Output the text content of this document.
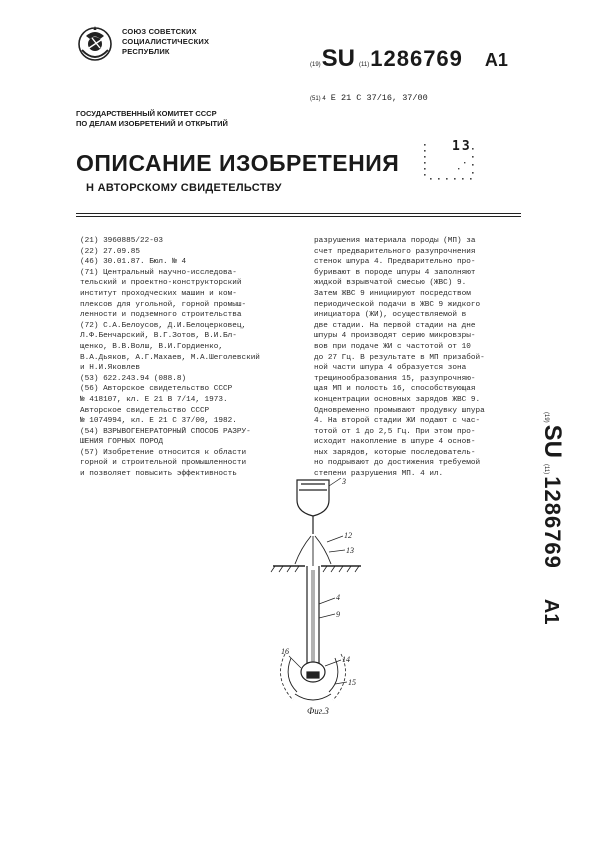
СОЮЗ СОВЕТСКИХ
СОЦИАЛИСТИЧЕСКИХ
РЕСПУБЛИК
(19) SU (11) 1286769 A1
(51) 4 E 21 C 37/16, 37/00
ГОСУДАРСТВЕННЫЙ КОМИТЕТ СССР
ПО ДЕЛАМ ИЗОБРЕТЕНИЙ И ОТКРЫТИЙ
13
ОПИСАНИЕ ИЗОБРЕТЕНИЯ
Н АВТОРСКОМУ СВИДЕТЕЛЬСТВУ
(21) 3960885/22-03
(22) 27.09.85
(46) 30.01.87. Бюл. № 4
(71) Центральный научно-исследова-
тельский и проектно-конструкторский
институт проходческих машин и ком-
плексов для угольной, горной промыш-
ленности и подземного строительства
(72) С.А.Белоусов, Д.И.Белоцерковец,
Л.Ф.Бенчарский, В.Г.Зотов, В.И.Бл-
щенко, В.В.Волш, В.И.Гордиенко,
В.А.Дьяков, А.Г.Махаев, М.А.Шеголевский
и Н.И.Яковлев
(53) 622.243.94 (088.8)
(56) Авторское свидетельство СССР
№ 418107, кл. Е 21 В 7/14, 1973.
Авторское свидетельство СССР
№ 1074994, кл. Е 21 С 37/00, 1982.
(54) ВЗРЫВОГЕНЕРАТОРНЫЙ СПОСОБ РАЗРУ-
ШЕНИЯ ГОРНЫХ ПОРОД
(57) Изобретение относится к области
горной и строительной промышленности
и позволяет повысить эффективность
разрушения материала породы (МП) за
счет предварительного разупрочнения
стенок шпура 4. Предварительно про-
буривают в породе шпуры 4 заполняют
жидкой взрывчатой смесью (ЖВС) 9.
Затем ЖВС 9 инициируют посредством
периодической подачи в ЖВС 9 жидкого
инициатора (ЖИ), осуществляемой в
две стадии. На первой стадии на дне
шпуры 4 производят серию микровзры-
вов при подаче ЖИ с частотой от 10
до 27 Гц. В результате в МП призабой-
ной части шпура 4 образуется зона
трещинообразования 15, разупрочняю-
щая МП и полость 16, способствующая
концентрации основных зарядов ЖВС 9.
Одновременно промывают продувку шпура
4. На второй стадии ЖИ подают с час-
тотой от 1 до 2,5 Гц. При этом про-
исходит накопление в шпуре 4 основ-
ных зарядов, которые последователь-
но подрывают до достижения требуемой
степени разрушения МП. 4 ил.
(19)
SU
(11)
1286769
A1
3
12
13
4
9
16
14
15
Фиг.3
